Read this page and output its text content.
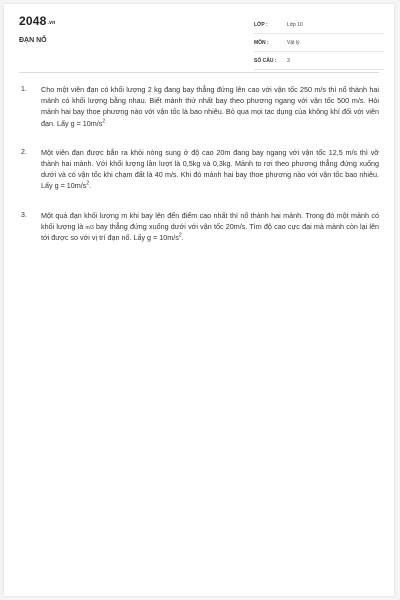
2048.vn
ĐẠN NỔ
LỚP :	Lớp 10
MÔN :	Vật lý
SỐ CÂU : 3
1.	Cho một viên đạn có khối lượng 2 kg đang bay thẳng đứng lên cao với vận tốc 250 m/s thì nổ thành hai mảnh có khối lượng bằng nhau. Biết mảnh thứ nhất bay theo phương ngang với vận tốc 500 m/s. Hỏi mảnh hai bay thoe phương nào với vận tốc là bao nhiêu. Bỏ qua mọi tac dụng của không khí đối với viên đạn. Lấy $g = 10m/s^2$
2.	Một viên đạn được bắn ra khỏi nòng sung ở độ cao 20m đang bay ngang với vận tốc 12,5 m/s thì vỡ thành hai mảnh. Với khối lượng lần lượt là 0,5kg và 0,3kg. Mảnh to rơi theo phương thẳng đứng xuống dưới và có vận tốc khi chạm đất là 40 m/s. Khi đó mảnh hai bay thoe phương nào với vận tốc bao nhiêu. Lấy $g = 10m/s^2$.
3.	Một quả đạn khối lượng m khi bay lên đến điểm cao nhất thì nổ thành hai mảnh. Trong đó một mảnh có khối lượng là m/3 bay thẳng đứng xuống dưới với vận tốc 20m/s. Tìm độ cao cực đại mà mảnh còn lại lên tới được so với vị trí đạn nổ. Lấy $g = 10m/s^2$.
